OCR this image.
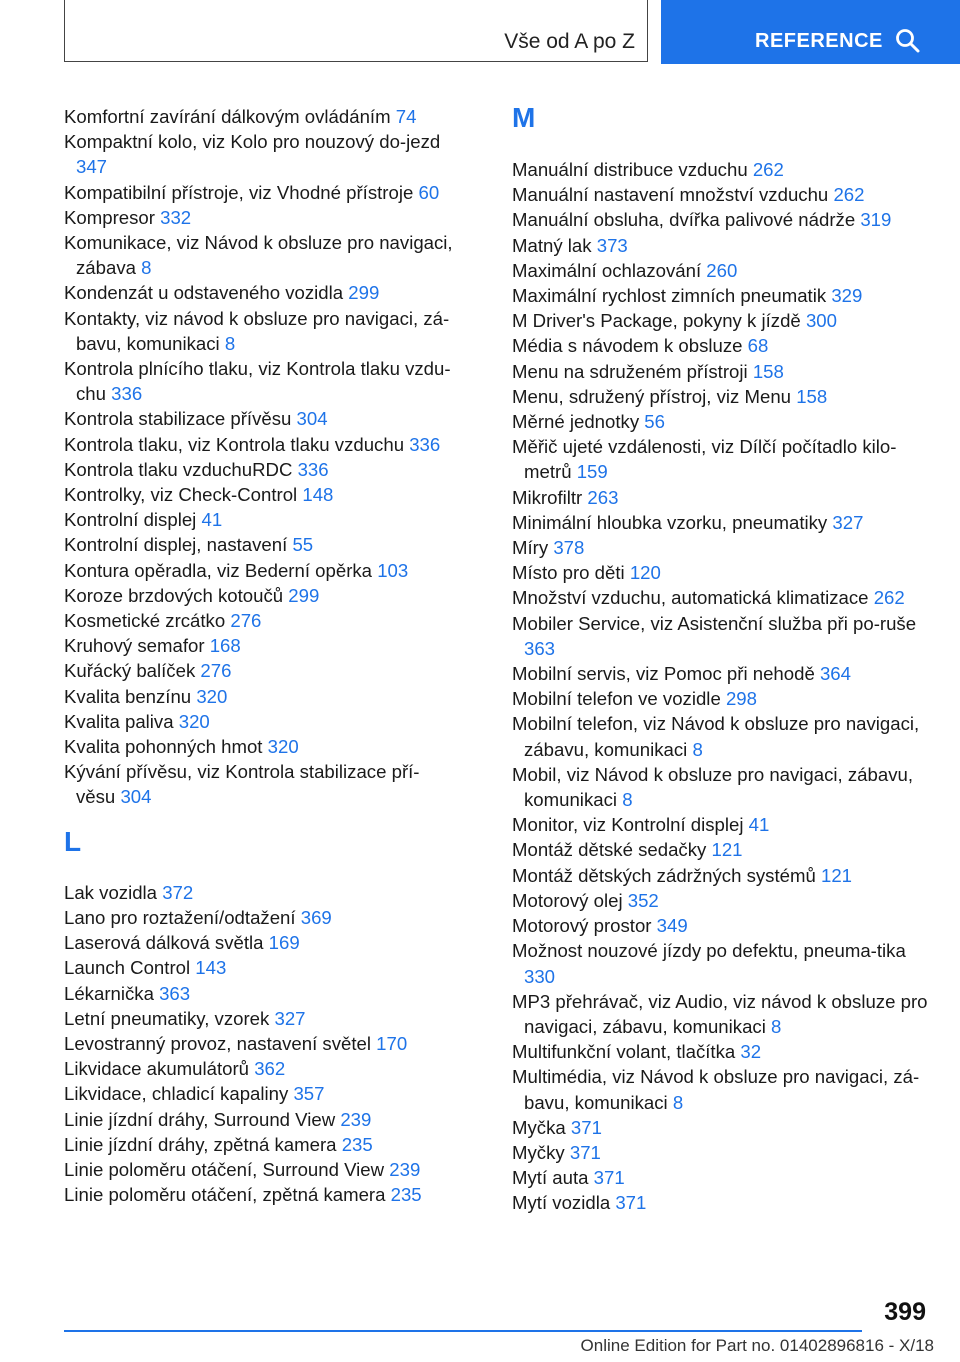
Vše od A po Z	REFERENCE
Komfortní zavírání dálkovým ovládáním 74
Kompaktní kolo, viz Kolo pro nouzový do‐jezd 347
Kompatibilní přístroje, viz Vhodné přístroje 60
Kompresor 332
Komunikace, viz Návod k obsluze pro navigaci, zábava 8
Kondenzát u odstaveného vozidla 299
Kontakty, viz návod k obsluze pro navigaci, zá‐bavu, komunikaci 8
Kontrola plnícího tlaku, viz Kontrola tlaku vzdu‐chu 336
Kontrola stabilizace přívěsu 304
Kontrola tlaku, viz Kontrola tlaku vzduchu 336
Kontrola tlaku vzduchuRDC 336
Kontrolky, viz Check-Control 148
Kontrolní displej 41
Kontrolní displej, nastavení 55
Kontura opěradla, viz Bederní opěrka 103
Koroze brzdových kotoučů 299
Kosmetické zrcátko 276
Kruhový semafor 168
Kuřácký balíček 276
Kvalita benzínu 320
Kvalita paliva 320
Kvalita pohonných hmot 320
Kývání přívěsu, viz Kontrola stabilizace pří‐věsu 304
L
Lak vozidla 372
Lano pro roztažení/odtažení 369
Laserová dálková světla 169
Launch Control 143
Lékarnička 363
Letní pneumatiky, vzorek 327
Levostranný provoz, nastavení světel 170
Likvidace akumulátorů 362
Likvidace, chladicí kapaliny 357
Linie jízdní dráhy, Surround View 239
Linie jízdní dráhy, zpětná kamera 235
Linie poloměru otáčení, Surround View 239
Linie poloměru otáčení, zpětná kamera 235
M
Manuální distribuce vzduchu 262
Manuální nastavení množství vzduchu 262
Manuální obsluha, dvířka palivové nádrže 319
Matný lak 373
Maximální ochlazování 260
Maximální rychlost zimních pneumatik 329
M Driver's Package, pokyny k jízdě 300
Média s návodem k obsluze 68
Menu na sdruženém přístroji 158
Menu, sdružený přístroj, viz Menu 158
Měrné jednotky 56
Měřič ujeté vzdálenosti, viz Dílčí počítadlo kilo‐metrů 159
Mikrofiltr 263
Minimální hloubka vzorku, pneumatiky 327
Míry 378
Místo pro děti 120
Množství vzduchu, automatická klimatizace 262
Mobiler Service, viz Asistenční služba při po‐ruše 363
Mobilní servis, viz Pomoc při nehodě 364
Mobilní telefon ve vozidle 298
Mobilní telefon, viz Návod k obsluze pro navigaci, zábavu, komunikaci 8
Mobil, viz Návod k obsluze pro navigaci, zábavu, komunikaci 8
Monitor, viz Kontrolní displej 41
Montáž dětské sedačky 121
Montáž dětských zádržných systémů 121
Motorový olej 352
Motorový prostor 349
Možnost nouzové jízdy po defektu, pneuma‐tika 330
MP3 přehrávač, viz Audio, viz návod k obsluze pro navigaci, zábavu, komunikaci 8
Multifunkční volant, tlačítka 32
Multimédia, viz Návod k obsluze pro navigaci, zá‐bavu, komunikaci 8
Myčka 371
Myčky 371
Mytí auta 371
Mytí vozidla 371
399
Online Edition for Part no. 01402896816 - X/18
